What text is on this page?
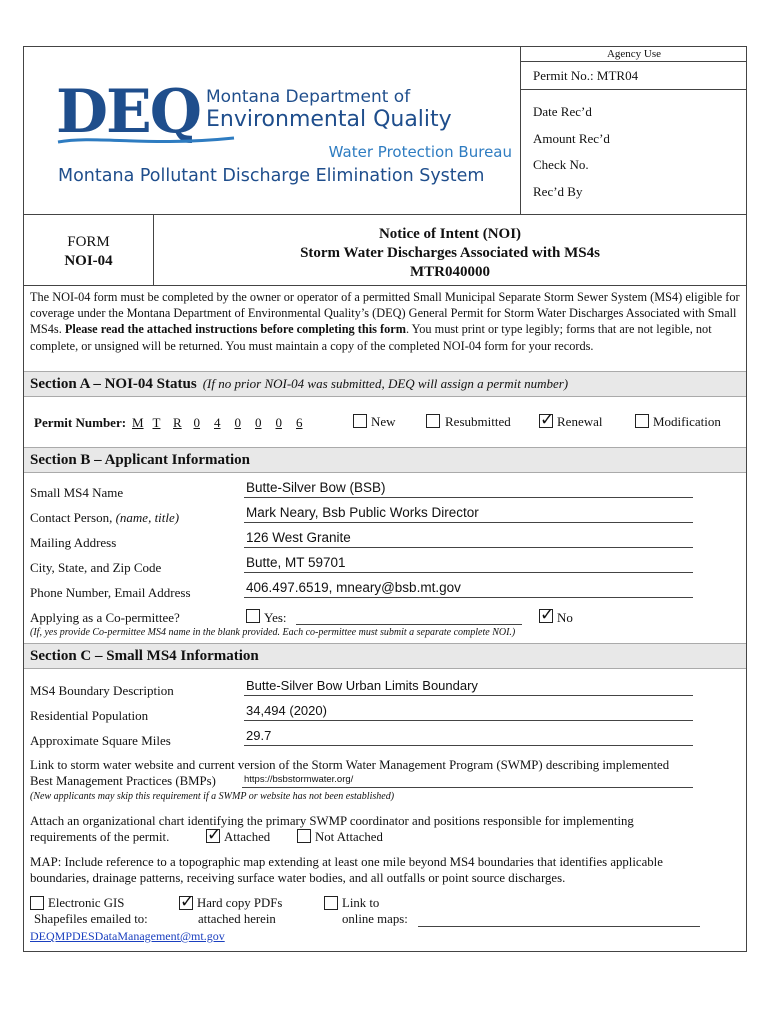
Agency Use
Permit No.: MTR04
Date Rec’d
Amount Rec’d
Check No.
Rec’d By
DEQ Montana Department of
Environmental Quality
Water Protection Bureau
Montana Pollutant Discharge Elimination System
FORM
NOI-04
Notice of Intent (NOI)
Storm Water Discharges Associated with MS4s
MTR040000
The NOI-04 form must be completed by the owner or operator of a permitted Small Municipal Separate Storm Sewer System (MS4) eligible for coverage under the Montana Department of Environmental Quality’s (DEQ) General Permit for Storm Water Discharges Associated with Small MS4s. Please read the attached instructions before completing this form. You must print or type legibly; forms that are not legible, not complete, or unsigned will be returned. You must maintain a copy of the completed NOI-04 form for your records.
Section A – NOI-04 Status (If no prior NOI-04 was submitted, DEQ will assign a permit number)
Permit Number: M T R 0 4 0 0 0 6	New	Resubmitted ✓	Renewal	Modification
Section B – Applicant Information
Small MS4 Name	Butte-Silver Bow (BSB)
Contact Person, (name, title)	Mark Neary, Bsb Public Works Director
Mailing Address	126 West Granite
City, State, and Zip Code	Butte, MT 59701
Phone Number, Email Address	406.497.6519, mneary@bsb.mt.gov
Applying as a Co-permittee?	Yes: ✓	No
(If, yes provide Co-permittee MS4 name in the blank provided. Each co-permittee must submit a separate complete NOI.)
Section C – Small MS4 Information
MS4 Boundary Description	Butte-Silver Bow Urban Limits Boundary
Residential Population	34,494 (2020)
Approximate Square Miles	29.7
Link to storm water website and current version of the Storm Water Management Program (SWMP) describing implemented
Best Management Practices (BMPs)	https://bsbstormwater.org/
(New applicants may skip this requirement if a SWMP or website has not been established)
Attach an organizational chart identifying the primary SWMP coordinator and positions responsible for implementing
requirements of the permit. ✓	Attached	Not Attached
MAP: Include reference to a topographic map extending at least one mile beyond MS4 boundaries that identifies applicable
boundaries, drainage patterns, receiving surface water bodies, and all outfalls or point source discharges.
Electronic GIS
Shapefiles emailed to:
DEQMPDESDataManagement@mt.gov
✓
Hard copy PDFs
attached herein
Link to
online maps:
